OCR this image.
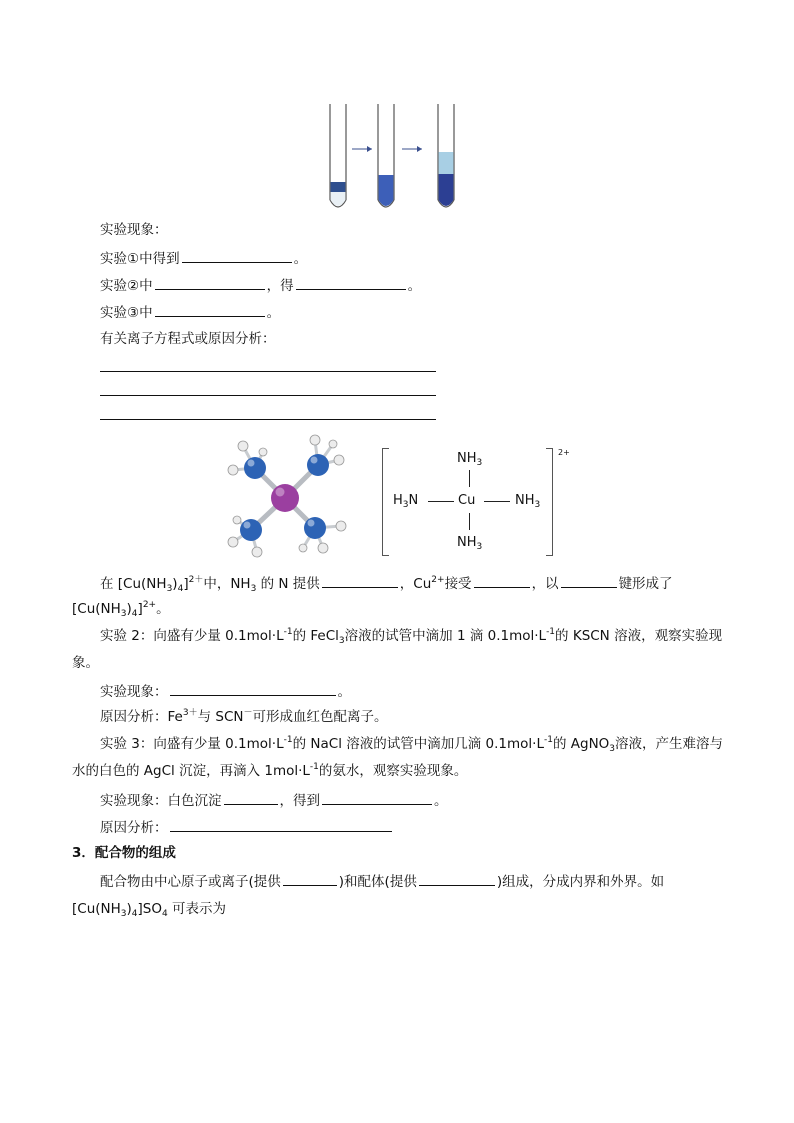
实验现象：
实验①中得到	。
实验②中	，得	。
实验③中	。
有关离子方程式或原因分析：
2+
$NH_3$
$H_3N$	Cu	$NH_3$
$NH_3$
在 $[Cu(NH_3)_4]^{2+}$中，$NH_3$ 的 N 提供	，$Cu^{2+}$接受	，以	键形成了
$[Cu(NH_3)_4]^{2+}$。
实验 2：向盛有少量 $0.1mol\cdot L^{-1}$的 FeCl$_3$溶液的试管中滴加 1 滴 $0.1mol\cdot L^{-1}$的 KSCN 溶液，观察实验现
象。
实验现象：	。
原因分析：$Fe^{3+}$与 SCN－可形成血红色配离子。
实验 3：向盛有少量 $0.1mol\cdot L^{-1}$的 NaCl 溶液的试管中滴加几滴 $0.1mol\cdot L^{-1}$的 AgNO$_3$溶液，产生难溶与
水的白色的 AgCl 沉淀，再滴入 $1mol\cdot L^{-1}$的氨水，观察实验现象。
实验现象：白色沉淀	，得到	。
原因分析：
3．配合物的组成
配合物由中心原子或离子(提供	)和配体(提供	)组成，分成内界和外界。如
$[Cu(NH_3)_4]SO_4$ 可表示为
